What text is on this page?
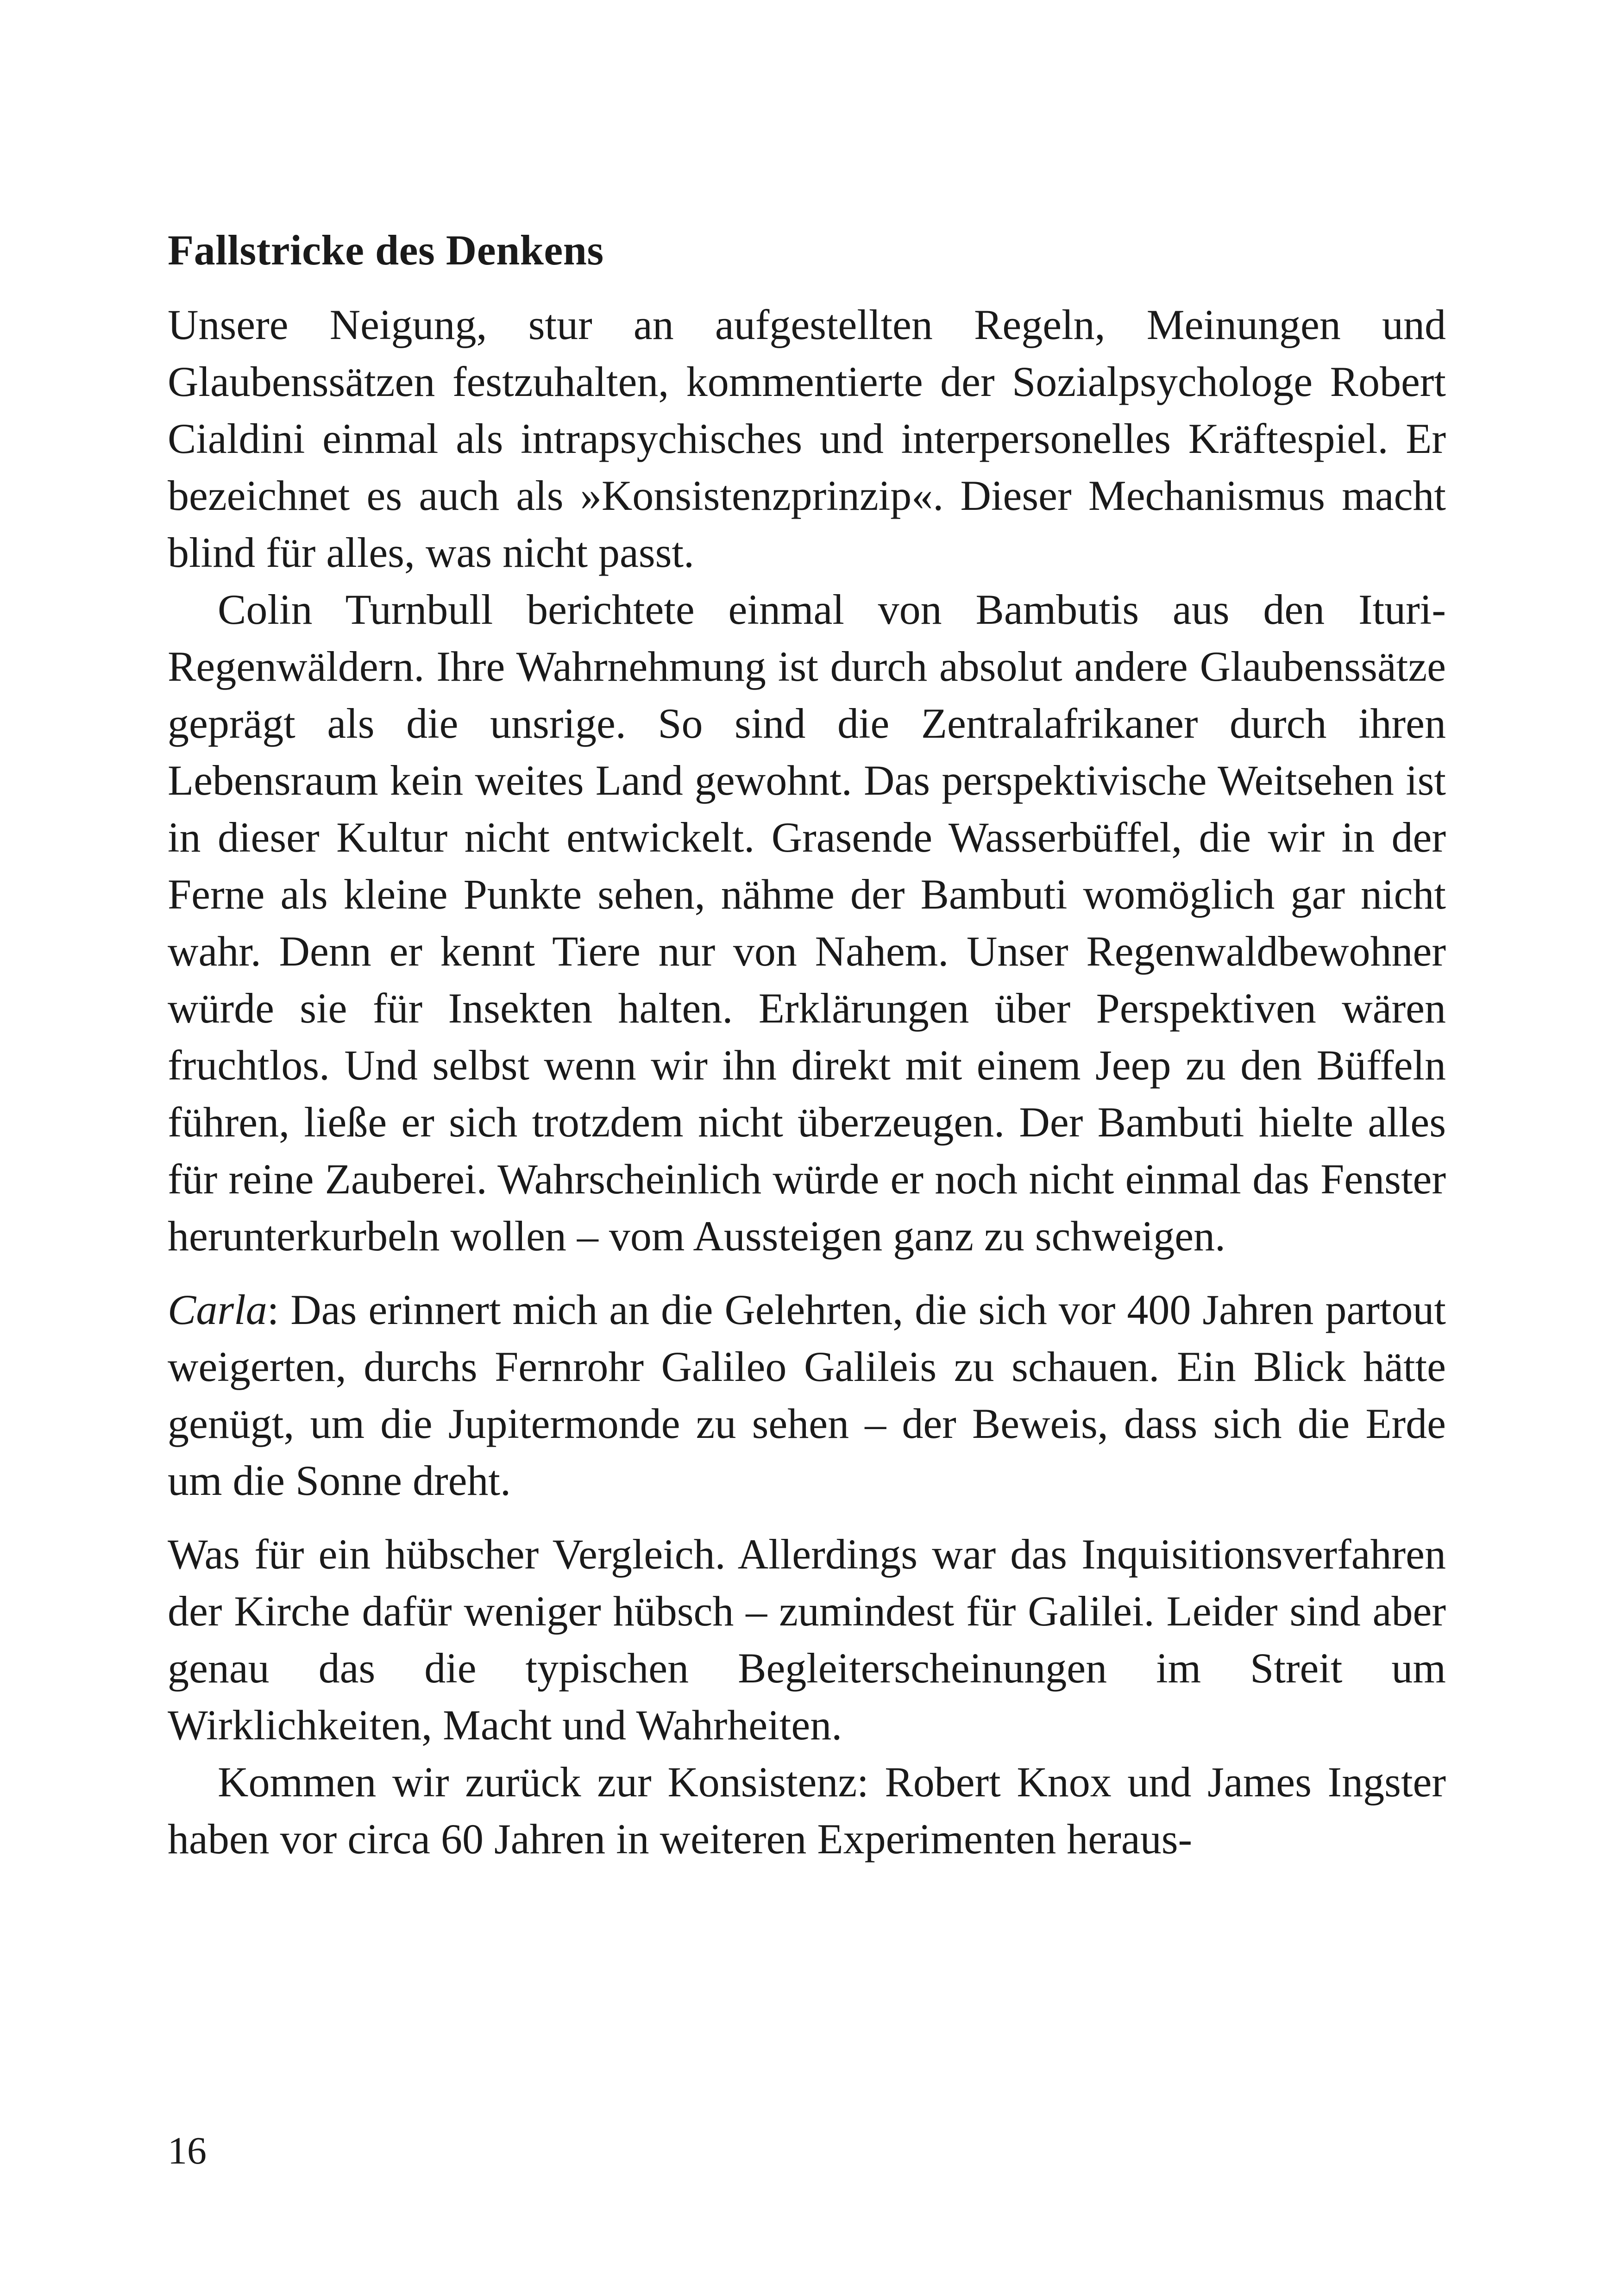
Fallstricke des Denkens

Unsere Neigung, stur an aufgestellten Regeln, Meinungen und Glaubenssätzen festzuhalten, kommentierte der Sozialpsychologe Robert Cialdini einmal als intrapsychisches und interpersonelles Kräftespiel. Er bezeichnet es auch als »Konsistenzprinzip«. Dieser Mechanismus macht blind für alles, was nicht passt.

Colin Turnbull berichtete einmal von Bambutis aus den Ituri-Regenwäldern. Ihre Wahrnehmung ist durch absolut andere Glaubenssätze geprägt als die unsrige. So sind die Zentralafrikaner durch ihren Lebensraum kein weites Land gewohnt. Das perspektivische Weitsehen ist in dieser Kultur nicht entwickelt. Grasende Wasserbüffel, die wir in der Ferne als kleine Punkte sehen, nähme der Bambuti womöglich gar nicht wahr. Denn er kennt Tiere nur von Nahem. Unser Regenwaldbewohner würde sie für Insekten halten. Erklärungen über Perspektiven wären fruchtlos. Und selbst wenn wir ihn direkt mit einem Jeep zu den Büffeln führen, ließe er sich trotzdem nicht überzeugen. Der Bambuti hielte alles für reine Zauberei. Wahrscheinlich würde er noch nicht einmal das Fenster herunterkurbeln wollen – vom Aussteigen ganz zu schweigen.

Carla: Das erinnert mich an die Gelehrten, die sich vor 400 Jahren partout weigerten, durchs Fernrohr Galileo Galileis zu schauen. Ein Blick hätte genügt, um die Jupitermonde zu sehen – der Beweis, dass sich die Erde um die Sonne dreht.

Was für ein hübscher Vergleich. Allerdings war das Inquisitionsverfahren der Kirche dafür weniger hübsch – zumindest für Galilei. Leider sind aber genau das die typischen Begleiterscheinungen im Streit um Wirklichkeiten, Macht und Wahrheiten.

Kommen wir zurück zur Konsistenz: Robert Knox und James Ingster haben vor circa 60 Jahren in weiteren Experimenten heraus-

16
